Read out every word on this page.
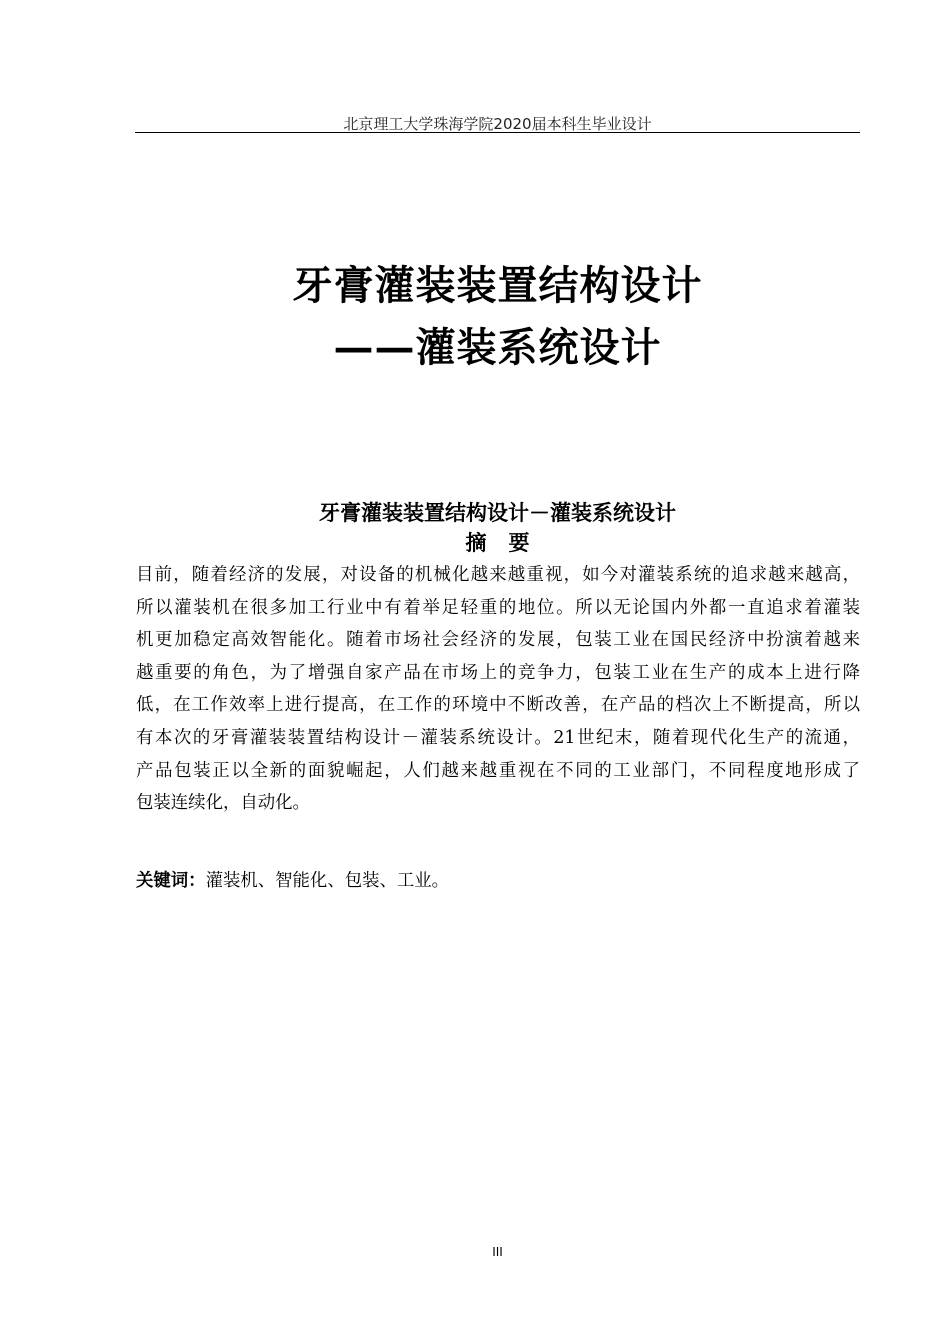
北京理工大学珠海学院2020届本科生毕业设计
牙膏灌装装置结构设计
——灌装系统设计
牙膏灌装装置结构设计－灌装系统设计
摘要
目前，随着经济的发展，对设备的机械化越来越重视，如今对灌装系统的追求越来越高，
所以灌装机在很多加工行业中有着举足轻重的地位。所以无论国内外都一直追求着灌装
机更加稳定高效智能化。随着市场社会经济的发展，包装工业在国民经济中扮演着越来
越重要的角色，为了增强自家产品在市场上的竞争力，包装工业在生产的成本上进行降
低，在工作效率上进行提高，在工作的环境中不断改善，在产品的档次上不断提高，所以
有本次的牙膏灌装装置结构设计－灌装系统设计。21世纪末，随着现代化生产的流通，
产品包装正以全新的面貌崛起，人们越来越重视在不同的工业部门，不同程度地形成了
包装连续化，自动化。
关键词：灌装机、智能化、包装、工业。
III
